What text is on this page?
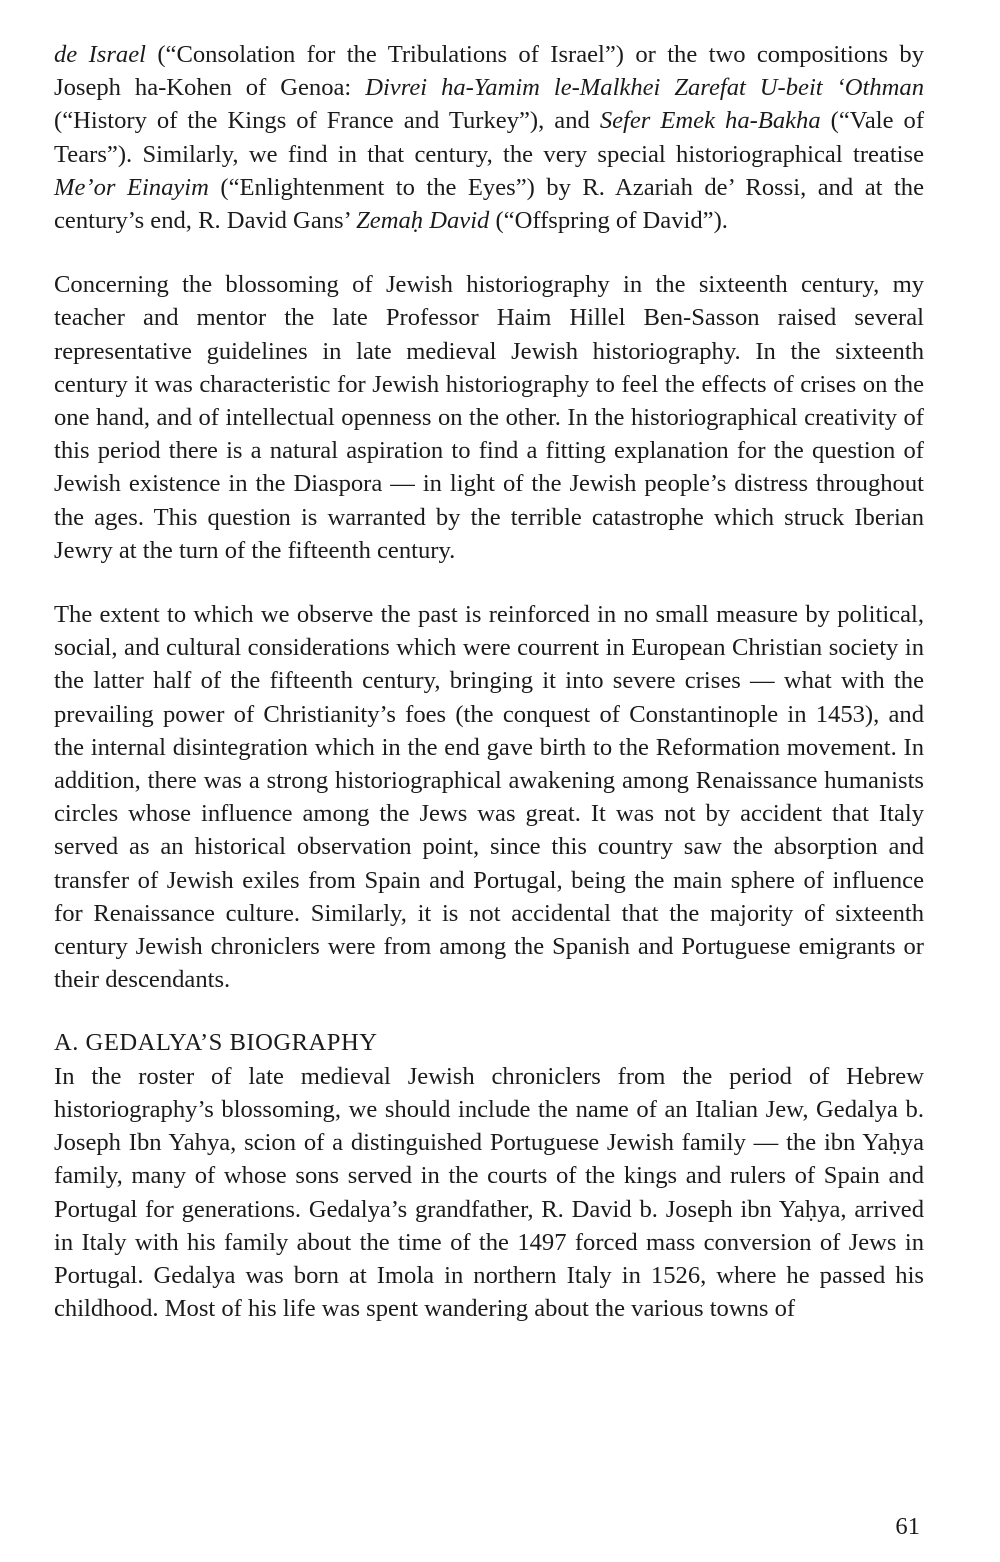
de Israel (“Consolation for the Tribulations of Israel”) or the two compositions by Joseph ha-Kohen of Genoa: Divrei ha-Yamim le-Malkhei Zarefat U-beit ‘Othman (“History of the Kings of France and Turkey”), and Sefer Emek ha-Bakha (“Vale of Tears”). Similarly, we find in that century, the very special historiographical treatise Me’or Einayim (“Enlightenment to the Eyes”) by R. Azariah de’ Rossi, and at the century’s end, R. David Gans’ Zemaḥ David (“Offspring of David”).

Concerning the blossoming of Jewish historiography in the sixteenth century, my teacher and mentor the late Professor Haim Hillel Ben-Sasson raised several representative guidelines in late medieval Jewish historiography. In the sixteenth century it was characteristic for Jewish historiography to feel the effects of crises on the one hand, and of intellectual openness on the other. In the historiographical creativity of this period there is a natural aspiration to find a fitting explanation for the question of Jewish existence in the Diaspora — in light of the Jewish people’s distress throughout the ages. This question is warranted by the terrible catastrophe which struck Iberian Jewry at the turn of the fifteenth century.

The extent to which we observe the past is reinforced in no small measure by political, social, and cultural considerations which were courrent in European Christian society in the latter half of the fifteenth century, bringing it into severe crises — what with the prevailing power of Christianity’s foes (the conquest of Constantinople in 1453), and the internal disintegration which in the end gave birth to the Reformation movement. In addition, there was a strong historiographical awakening among Renaissance humanists circles whose influence among the Jews was great. It was not by accident that Italy served as an historical observation point, since this country saw the absorption and transfer of Jewish exiles from Spain and Portugal, being the main sphere of influence for Renaissance culture. Similarly, it is not accidental that the majority of sixteenth century Jewish chroniclers were from among the Spanish and Portuguese emigrants or their descendants.

A. GEDALYA’S BIOGRAPHY

In the roster of late medieval Jewish chroniclers from the period of Hebrew historiography’s blossoming, we should include the name of an Italian Jew, Gedalya b. Joseph Ibn Yahya, scion of a distinguished Portuguese Jewish family — the ibn Yaḥya family, many of whose sons served in the courts of the kings and rulers of Spain and Portugal for generations. Gedalya’s grandfather, R. David b. Joseph ibn Yaḥya, arrived in Italy with his family about the time of the 1497 forced mass conversion of Jews in Portugal. Gedalya was born at Imola in northern Italy in 1526, where he passed his childhood. Most of his life was spent wandering about the various towns of

61
